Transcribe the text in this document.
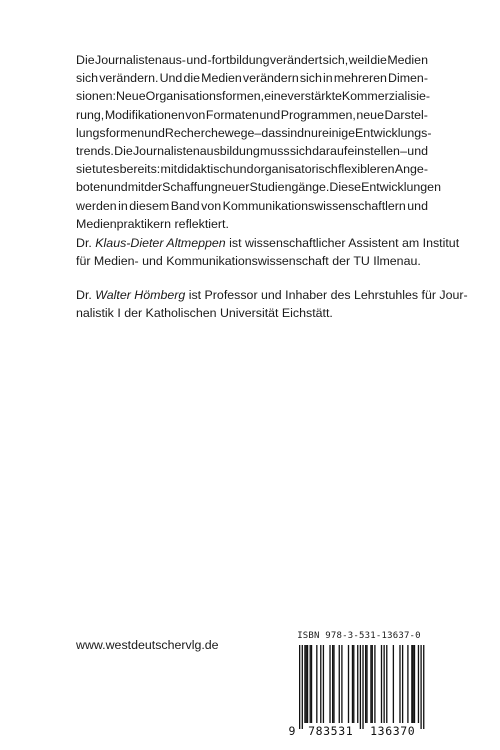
Die Journalistenaus- und -fortbildung verändert sich, weil die Medien
sich verändern. Und die Medien verändern sich in mehreren Dimen-
sionen: Neue Organisationsformen, eine verstärkte Kommerzialisie-
rung, Modifikationen von Formaten und Programmen, neue Darstel-
lungsformen und Recherchewege – das sind nur einige Entwicklungs-
trends. Die Journalistenausbildung muss sich darauf einstellen – und
sie tut es bereits: mit didaktisch und organisatorisch flexibleren Ange-
boten und mit der Schaffung neuer Studiengänge. Diese Entwicklungen
werden in diesem Band von Kommunikationswissenschaftlern und
Medienpraktikern reflektiert.
Dr. Klaus-Dieter Altmeppen ist wissenschaftlicher Assistent am Institut
für Medien- und Kommunikationswissenschaft der TU Ilmenau.
Dr. Walter Hömberg ist Professor und Inhaber des Lehrstuhles für Jour-
nalistik I der Katholischen Universität Eichstätt.
www.westdeutschervlg.de
ISBN 978-3-531-13637-0
9 783531 136370
